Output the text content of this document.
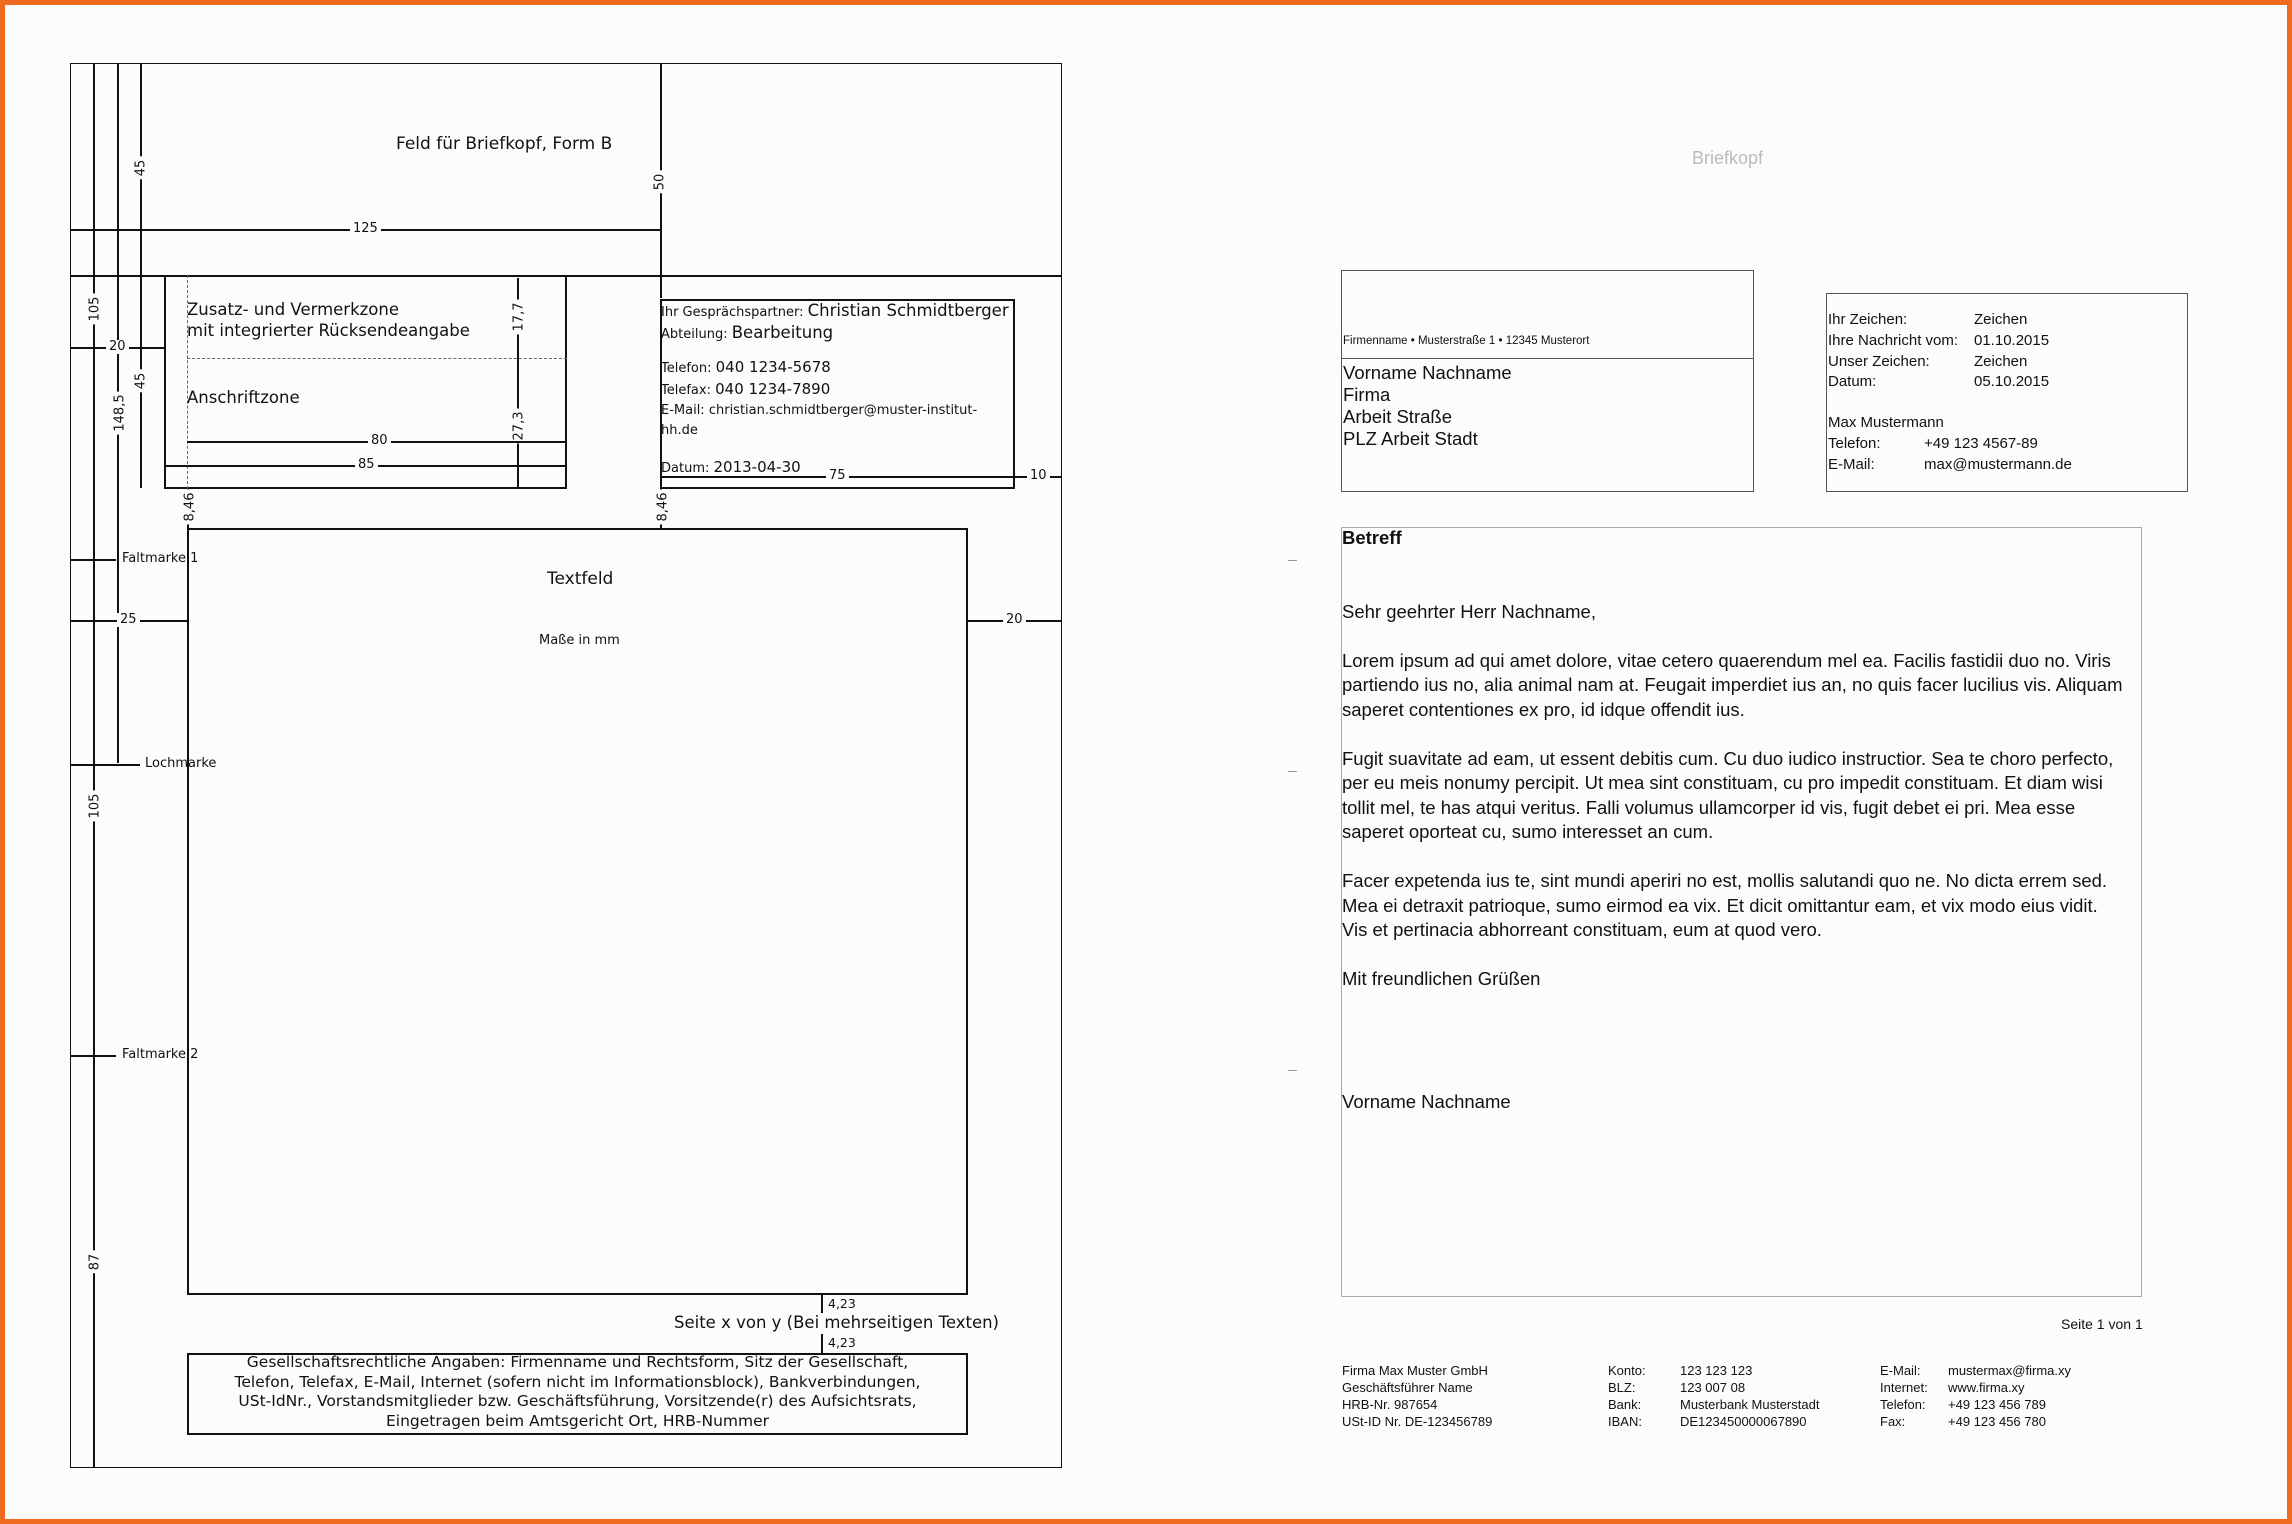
Feld für Briefkopf, Form B
45
105
45
148,5
105
87
125
50
20
Zusatz- und Vermerkzone
mit integrierter Rücksendeangabe
Anschriftzone
17,7
27,3
80
85
Ihr Gesprächspartner: Christian Schmidtberger
Abteilung: Bearbeitung
Telefon: 040 1234-5678
Telefax: 040 1234-7890
E-Mail: christian.schmidtberger@muster-institut-hh.de
Datum: 2013-04-30	75	10
8,46	8,46
Textfeld
Maße in mm
25	20
Faltmarke 1
Lochmarke
Faltmarke 2
4,23
Seite x von y (Bei mehrseitigen Texten)
4,23
Gesellschaftsrechtliche Angaben: Firmenname und Rechtsform, Sitz der Gesellschaft,
Telefon, Telefax, E-Mail, Internet (sofern nicht im Informationsblock), Bankverbindungen,
USt-IdNr., Vorstandsmitglieder bzw. Geschäftsführung, Vorsitzende(r) des Aufsichtsrats,
Eingetragen beim Amtsgericht Ort, HRB-Nummer
Briefkopf
Firmenname • Musterstraße 1 • 12345 Musterort
Vorname Nachname
Firma
Arbeit Straße
PLZ Arbeit Stadt
Ihr Zeichen:	Zeichen
Ihre Nachricht vom:	01.10.2015
Unser Zeichen:	Zeichen
Datum:	05.10.2015
Max Mustermann
Telefon:	+49 123 4567-89
E-Mail:	max@mustermann.de
Betreff
Sehr geehrter Herr Nachname,
Lorem ipsum ad qui amet dolore, vitae cetero quaerendum mel ea. Facilis fastidii duo no. Viris
partiendo ius no, alia animal nam at. Feugait imperdiet ius an, no quis facer lucilius vis. Aliquam
saperet contentiones ex pro, id idque offendit ius.
Fugit suavitate ad eam, ut essent debitis cum. Cu duo iudico instructior. Sea te choro perfecto,
per eu meis nonumy percipit. Ut mea sint constituam, cu pro impedit constituam. Et diam wisi
tollit mel, te has atqui veritus. Falli volumus ullamcorper id vis, fugit debet ei pri. Mea esse
saperet oporteat cu, sumo interesset an cum.
Facer expetenda ius te, sint mundi aperiri no est, mollis salutandi quo ne. No dicta errem sed.
Mea ei detraxit patrioque, sumo eirmod ea vix. Et dicit omittantur eam, et vix modo eius vidit.
Vis et pertinacia abhorreant constituam, eum at quod vero.
Mit freundlichen Grüßen
Vorname Nachname
Seite 1 von 1
Firma Max Muster GmbH
Geschäftsführer Name
HRB-Nr. 987654
USt-ID Nr. DE-123456789
Konto:	123 123 123
BLZ:	123 007 08
Bank:	Musterbank Musterstadt
IBAN:	DE123450000067890
E-Mail:	mustermax@firma.xy
Internet:	www.firma.xy
Telefon:	+49 123 456 789
Fax:	+49 123 456 780
